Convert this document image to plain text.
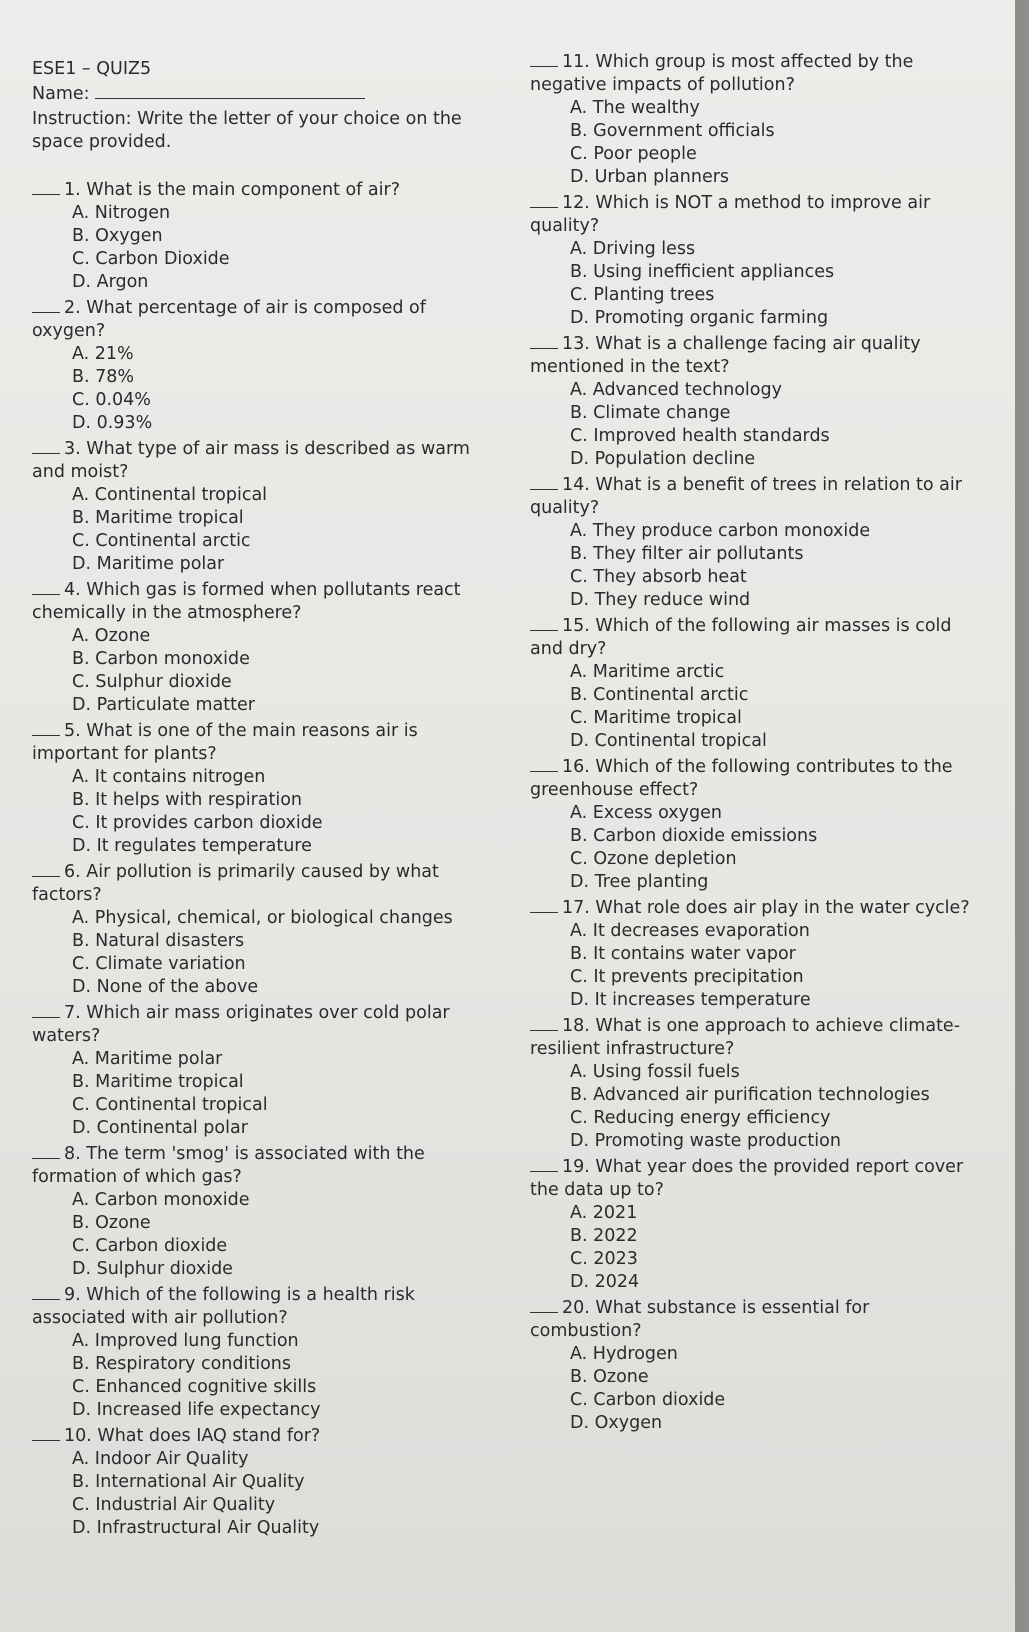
ESE1 – QUIZ5
Name:
Instruction: Write the letter of your choice on the
space provided.
1. What is the main component of air?
A. Nitrogen
B. Oxygen
C. Carbon Dioxide
D. Argon
2. What percentage of air is composed of
oxygen?
A. 21%
B. 78%
C. 0.04%
D. 0.93%
3. What type of air mass is described as warm
and moist?
A. Continental tropical
B. Maritime tropical
C. Continental arctic
D. Maritime polar
4. Which gas is formed when pollutants react
chemically in the atmosphere?
A. Ozone
B. Carbon monoxide
C. Sulphur dioxide
D. Particulate matter
5. What is one of the main reasons air is
important for plants?
A. It contains nitrogen
B. It helps with respiration
C. It provides carbon dioxide
D. It regulates temperature
6. Air pollution is primarily caused by what
factors?
A. Physical, chemical, or biological changes
B. Natural disasters
C. Climate variation
D. None of the above
7. Which air mass originates over cold polar
waters?
A. Maritime polar
B. Maritime tropical
C. Continental tropical
D. Continental polar
8. The term 'smog' is associated with the
formation of which gas?
A. Carbon monoxide
B. Ozone
C. Carbon dioxide
D. Sulphur dioxide
9. Which of the following is a health risk
associated with air pollution?
A. Improved lung function
B. Respiratory conditions
C. Enhanced cognitive skills
D. Increased life expectancy
10. What does IAQ stand for?
A. Indoor Air Quality
B. International Air Quality
C. Industrial Air Quality
D. Infrastructural Air Quality
11. Which group is most affected by the
negative impacts of pollution?
A. The wealthy
B. Government officials
C. Poor people
D. Urban planners
12. Which is NOT a method to improve air
quality?
A. Driving less
B. Using inefficient appliances
C. Planting trees
D. Promoting organic farming
13. What is a challenge facing air quality
mentioned in the text?
A. Advanced technology
B. Climate change
C. Improved health standards
D. Population decline
14. What is a benefit of trees in relation to air
quality?
A. They produce carbon monoxide
B. They filter air pollutants
C. They absorb heat
D. They reduce wind
15. Which of the following air masses is cold
and dry?
A. Maritime arctic
B. Continental arctic
C. Maritime tropical
D. Continental tropical
16. Which of the following contributes to the
greenhouse effect?
A. Excess oxygen
B. Carbon dioxide emissions
C. Ozone depletion
D. Tree planting
17. What role does air play in the water cycle?
A. It decreases evaporation
B. It contains water vapor
C. It prevents precipitation
D. It increases temperature
18. What is one approach to achieve climate-
resilient infrastructure?
A. Using fossil fuels
B. Advanced air purification technologies
C. Reducing energy efficiency
D. Promoting waste production
19. What year does the provided report cover
the data up to?
A. 2021
B. 2022
C. 2023
D. 2024
20. What substance is essential for
combustion?
A. Hydrogen
B. Ozone
C. Carbon dioxide
D. Oxygen
